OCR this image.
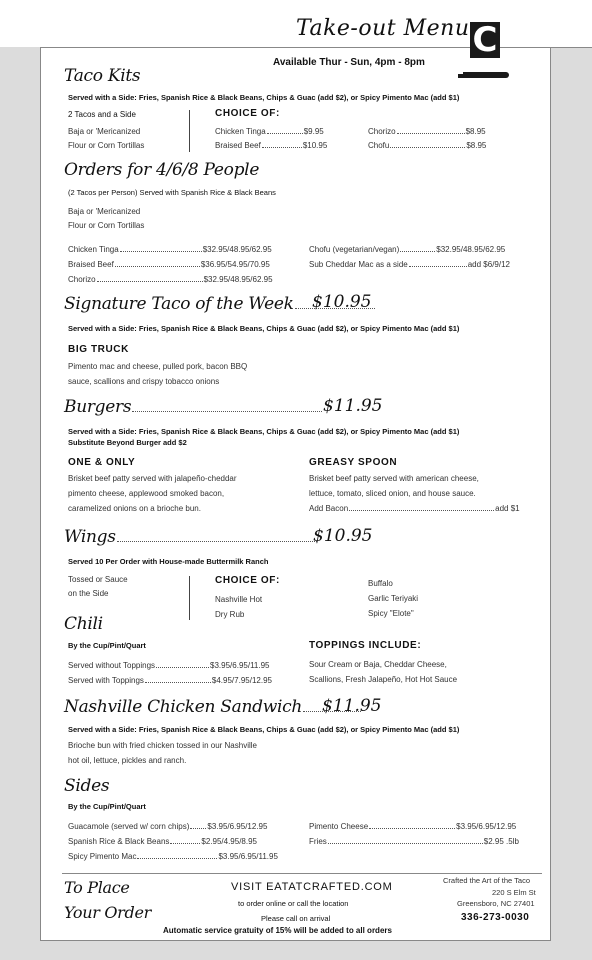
Take-out Menu C
Available Thur - Sun, 4pm - 8pm
Taco Kits
Served with a Side: Fries, Spanish Rice & Black Beans, Chips & Guac (add $2), or Spicy Pimento Mac (add $1)
2 Tacos and a Side
Baja or 'Mericanized
Flour or Corn Tortillas
CHOICE OF:
Chicken Tinga	$9.95
Braised Beef	$10.95
Chorizo	$8.95
Chofu	$8.95
Orders for 4/6/8 People
(2 Tacos per Person) Served with Spanish Rice & Black Beans
Baja or 'Mericanized
Flour or Corn Tortillas
Chicken Tinga	$32.95/48.95/62.95
Braised Beef	$36.95/54.95/70.95
Chorizo	$32.95/48.95/62.95
Chofu (vegetarian/vegan)	$32.95/48.95/62.95
Sub Cheddar Mac as a side	add $6/9/12
Signature Taco of the Week	$10.95
Served with a Side: Fries, Spanish Rice & Black Beans, Chips & Guac (add $2), or Spicy Pimento Mac (add $1)
BIG TRUCK
Pimento mac and cheese, pulled pork, bacon BBQ
sauce, scallions and crispy tobacco onions
Burgers	$11.95
Served with a Side: Fries, Spanish Rice & Black Beans, Chips & Guac (add $2), or Spicy Pimento Mac (add $1)
Substitute Beyond Burger add $2
ONE & ONLY
Brisket beef patty served with jalapeño-cheddar
pimento cheese, applewood smoked bacon,
caramelized onions on a brioche bun.
GREASY SPOON
Brisket beef patty served with american cheese,
lettuce, tomato, sliced onion, and house sauce.
Add Bacon	add $1
Wings	$10.95
Served 10 Per Order with House-made Buttermilk Ranch
Tossed or Sauce
on the Side
CHOICE OF:
Nashville Hot
Dry Rub
Buffalo
Garlic Teriyaki
Spicy "Elote"
Chili
By the Cup/Pint/Quart
Served without Toppings	$3.95/6.95/11.95
Served with Toppings	$4.95/7.95/12.95
TOPPINGS INCLUDE:
Sour Cream or Baja, Cheddar Cheese,
Scallions, Fresh Jalapeño, Hot Hot Sauce
Nashville Chicken Sandwich	$11.95
Served with a Side: Fries, Spanish Rice & Black Beans, Chips & Guac (add $2), or Spicy Pimento Mac (add $1)
Brioche bun with fried chicken tossed in our Nashville
hot oil, lettuce, pickles and ranch.
Sides
By the Cup/Pint/Quart
Guacamole (served w/ corn chips) $3.95/6.95/12.95
Spanish Rice & Black Beans	$2.95/4.95/8.95
Spicy Pimento Mac	$3.95/6.95/11.95
Pimento Cheese	$3.95/6.95/12.95
Fries	$2.95 .5lb
To Place
Your Order
VISIT EATATCRAFTED.COM
to order online or call the location
Please call on arrival
Crafted the Art of the Taco
220 S Elm St
Greensboro, NC 27401
336-273-0030
Automatic service gratuity of 15% will be added to all orders
